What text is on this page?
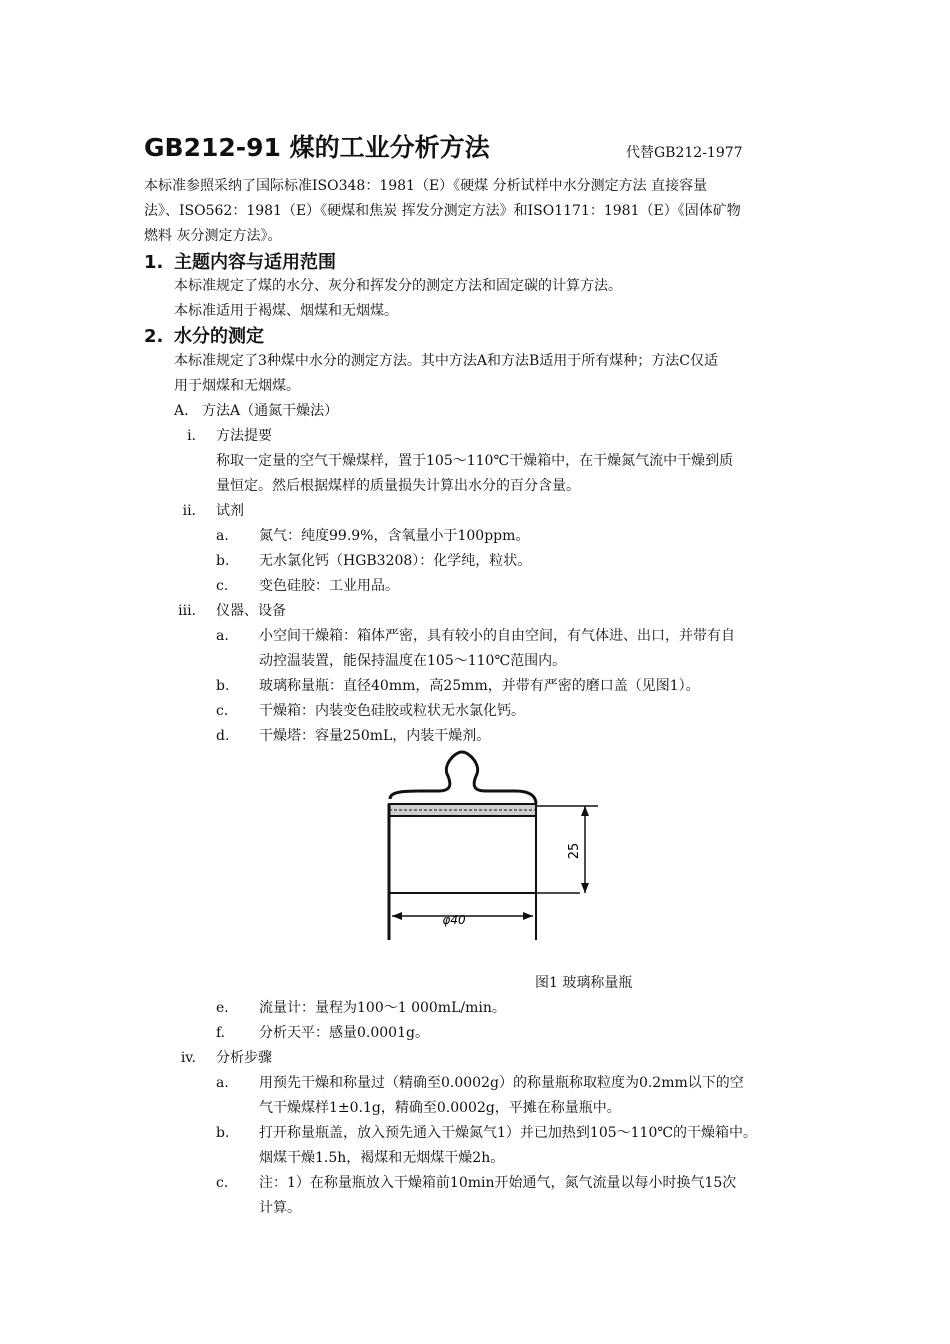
GB212-91 煤的工业分析方法	代替GB212-1977
本标准参照采纳了国际标准ISO348：1981（E）《硬煤 分析试样中水分测定方法 直接容量
法》、ISO562：1981（E）《硬煤和焦炭 挥发分测定方法》和ISO1171：1981（E）《固体矿物
燃料 灰分测定方法》。
1. 主题内容与适用范围
本标准规定了煤的水分、灰分和挥发分的测定方法和固定碳的计算方法。
本标准适用于褐煤、烟煤和无烟煤。
2. 水分的测定
本标准规定了3种煤中水分的测定方法。其中方法A和方法B适用于所有煤种；方法C仅适
用于烟煤和无烟煤。
A. 方法A（通氮干燥法）
i. 方法提要
称取一定量的空气干燥煤样，置于105～110℃干燥箱中，在干燥氮气流中干燥到质
量恒定。然后根据煤样的质量损失计算出水分的百分含量。
ii. 试剂
a. 氮气：纯度99.9%，含氧量小于100ppm。
b. 无水氯化钙（HGB3208）：化学纯，粒状。
c. 变色硅胶：工业用品。
iii. 仪器、设备
a. 小空间干燥箱：箱体严密，具有较小的自由空间，有气体进、出口，并带有自
动控温装置，能保持温度在105～110℃范围内。
b. 玻璃称量瓶：直径40mm，高25mm，并带有严密的磨口盖（见图1）。
c. 干燥箱：内装变色硅胶或粒状无水氯化钙。
d. 干燥塔：容量250mL，内装干燥剂。
25
φ40
图1 玻璃称量瓶
e. 流量计：量程为100～1 000mL/min。
f. 分析天平：感量0.0001g。
iv. 分析步骤
a. 用预先干燥和称量过（精确至0.0002g）的称量瓶称取粒度为0.2mm以下的空
气干燥煤样1±0.1g，精确至0.0002g，平摊在称量瓶中。
b. 打开称量瓶盖，放入预先通入干燥氮气1）并已加热到105～110℃的干燥箱中。
烟煤干燥1.5h，褐煤和无烟煤干燥2h。
c. 注：1）在称量瓶放入干燥箱前10min开始通气，氮气流量以每小时换气15次
计算。
